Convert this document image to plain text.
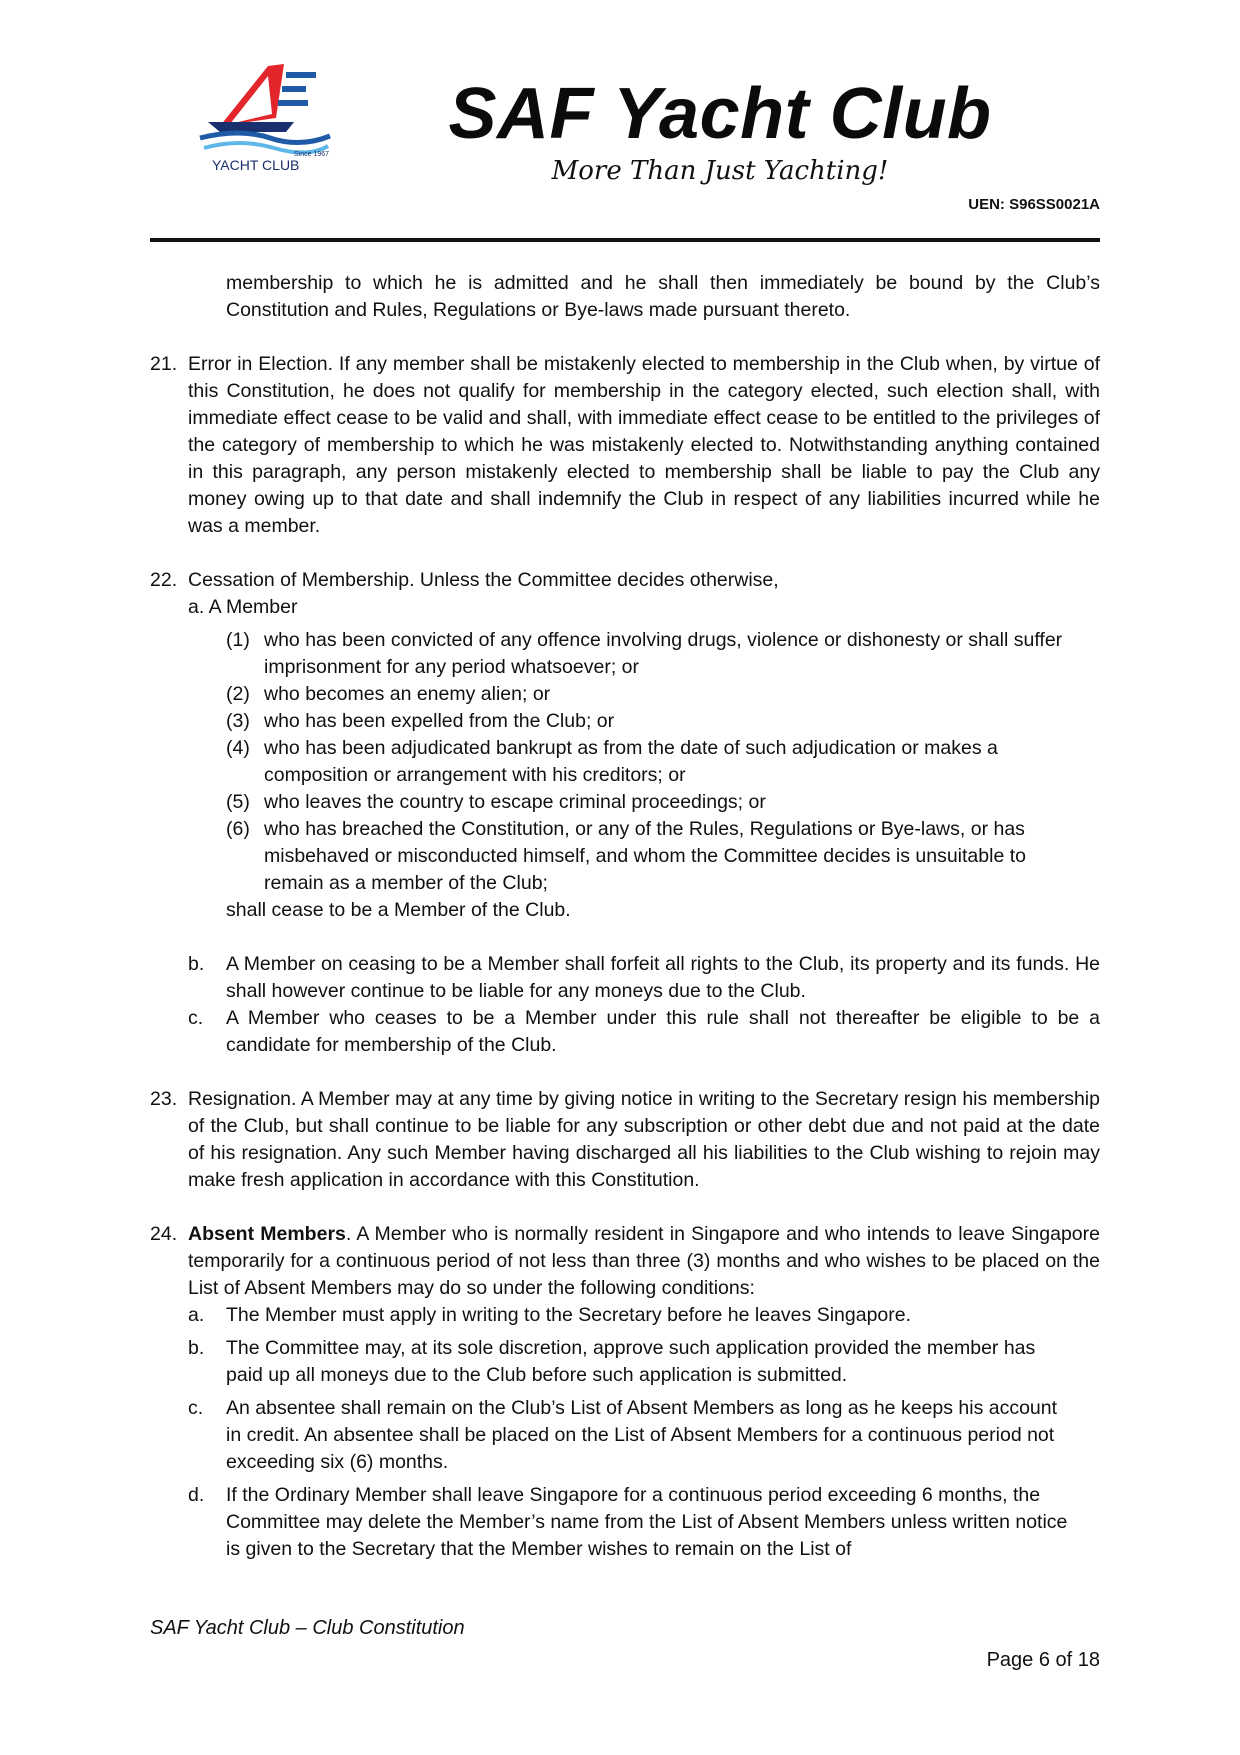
Since 1967
YACHT CLUB
SAF Yacht Club
More Than Just Yachting!
UEN: S96SS0021A

membership to which he is admitted and he shall then immediately be bound by the Club’s Constitution and Rules, Regulations or Bye-laws made pursuant thereto.

21. Error in Election. If any member shall be mistakenly elected to membership in the Club when, by virtue of this Constitution, he does not qualify for membership in the category elected, such election shall, with immediate effect cease to be valid and shall, with immediate effect cease to be entitled to the privileges of the category of membership to which he was mistakenly elected to. Notwithstanding anything contained in this paragraph, any person mistakenly elected to membership shall be liable to pay the Club any money owing up to that date and shall indemnify the Club in respect of any liabilities incurred while he was a member.
22. Cessation of Membership. Unless the Committee decides otherwise,

a. A Member

(1) who has been convicted of any offence involving drugs, violence or dishonesty or shall suffer imprisonment for any period whatsoever; or
(2) who becomes an enemy alien; or
(3) who has been expelled from the Club; or
(4) who has been adjudicated bankrupt as from the date of such adjudication or makes a composition or arrangement with his creditors; or
(5) who leaves the country to escape criminal proceedings; or
(6) who has breached the Constitution, or any of the Rules, Regulations or Bye-laws, or has misbehaved or misconducted himself, and whom the Committee decides is unsuitable to remain as a member of the Club;

shall cease to be a Member of the Club.

b. A Member on ceasing to be a Member shall forfeit all rights to the Club, its property and its funds. He shall however continue to be liable for any moneys due to the Club.
c. A Member who ceases to be a Member under this rule shall not thereafter be eligible to be a candidate for membership of the Club.
23. Resignation. A Member may at any time by giving notice in writing to the Secretary resign his membership of the Club, but shall continue to be liable for any subscription or other debt due and not paid at the date of his resignation. Any such Member having discharged all his liabilities to the Club wishing to rejoin may make fresh application in accordance with this Constitution.
24. Absent Members. A Member who is normally resident in Singapore and who intends to leave Singapore temporarily for a continuous period of not less than three (3) months and who wishes to be placed on the List of Absent Members may do so under the following conditions:
a. The Member must apply in writing to the Secretary before he leaves Singapore.
b. The Committee may, at its sole discretion, approve such application provided the member has paid up all moneys due to the Club before such application is submitted.
c. An absentee shall remain on the Club’s List of Absent Members as long as he keeps his account in credit. An absentee shall be placed on the List of Absent Members for a continuous period not exceeding six (6) months.
d. If the Ordinary Member shall leave Singapore for a continuous period exceeding 6 months, the Committee may delete the Member’s name from the List of Absent Members unless written notice is given to the Secretary that the Member wishes to remain on the List of
SAF Yacht Club – Club Constitution
Page 6 of 18
